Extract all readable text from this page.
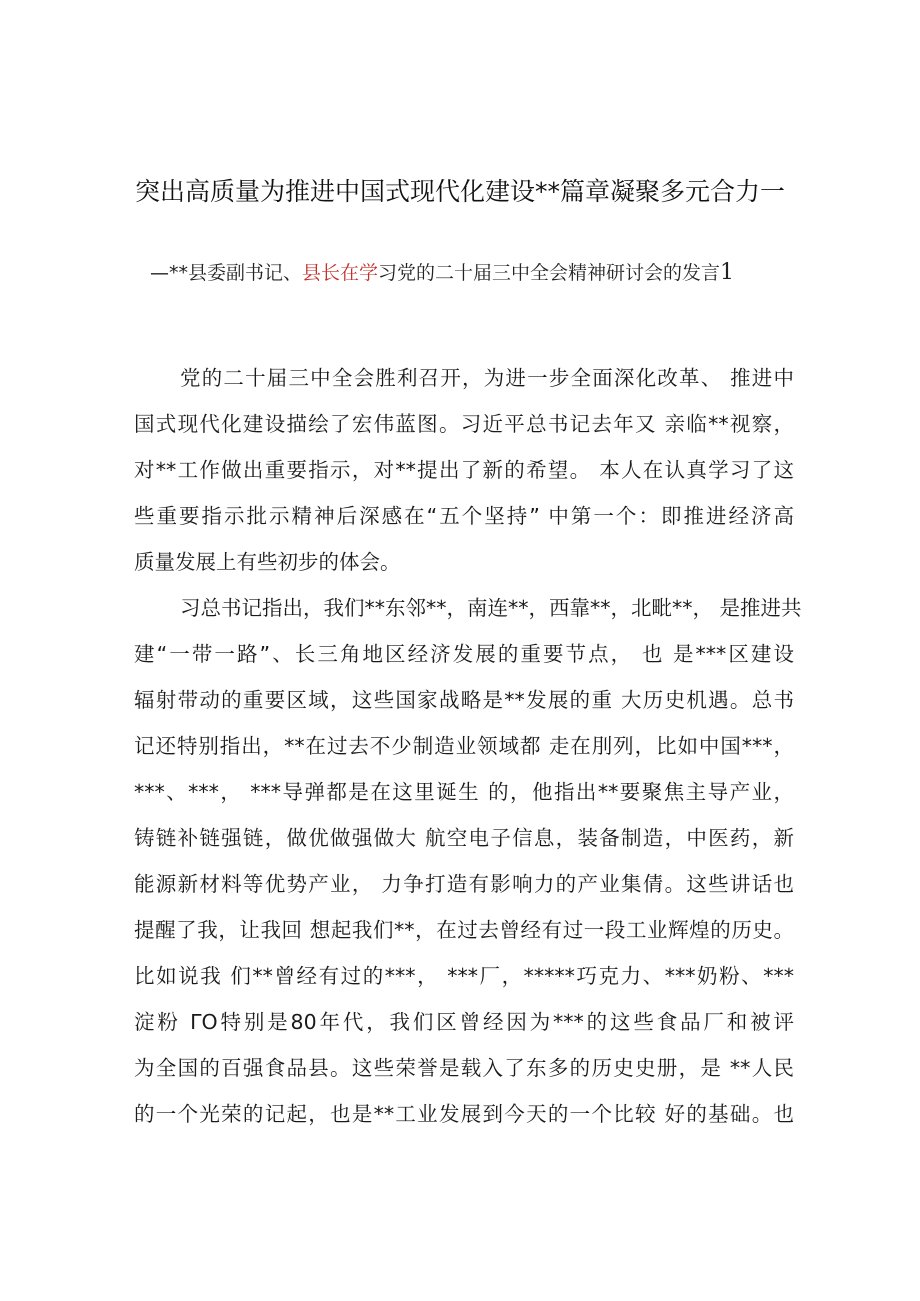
突出高质量为推进中国式现代化建设**篇章凝聚多元合力一

—**县委副书记、县长在学习党的二十届三中全会精神研讨会的发言1

党的二十届三中全会胜利召开，为进一步全面深化改革、 推进中
国式现代化建设描绘了宏伟蓝图。习近平总书记去年又 亲临**视察，
对**工作做出重要指示，对**提出了新的希望。 本人在认真学习了这
些重要指示批示精神后深感在“五个坚持” 中第一个：即推进经济高
质量发展上有些初步的体会。
习总书记指出，我们**东邻**，南连**，西靠**，北毗**， 是推进共
建“一带一路”、长三角地区经济发展的重要节点， 也 是***区建设
辐射带动的重要区域，这些国家战略是**发展的重 大历史机遇。总书
记还特别指出，**在过去不少制造业领域都 走在刖列，比如中国***，
***、***， ***导弹都是在这里诞生 的，他指出**要聚焦主导产业，
铸链补链强链，做优做强做大 航空电子信息，装备制造，中医药，新
能源新材料等优势产业， 力争打造有影响力的产业集倩。这些讲话也
提醒了我，让我回 想起我们**，在过去曾经有过一段工业辉煌的历史。
比如说我 们**曾经有过的***， ***厂，*****巧克力、***奶粉、***
淀粉 ΓO特别是80年代，我们区曾经因为***的这些食品厂和被评
为全国的百强食品县。这些荣誉是载入了东多的历史史册，是 **人民
的一个光荣的记起，也是**工业发展到今天的一个比较 好的基础。也
